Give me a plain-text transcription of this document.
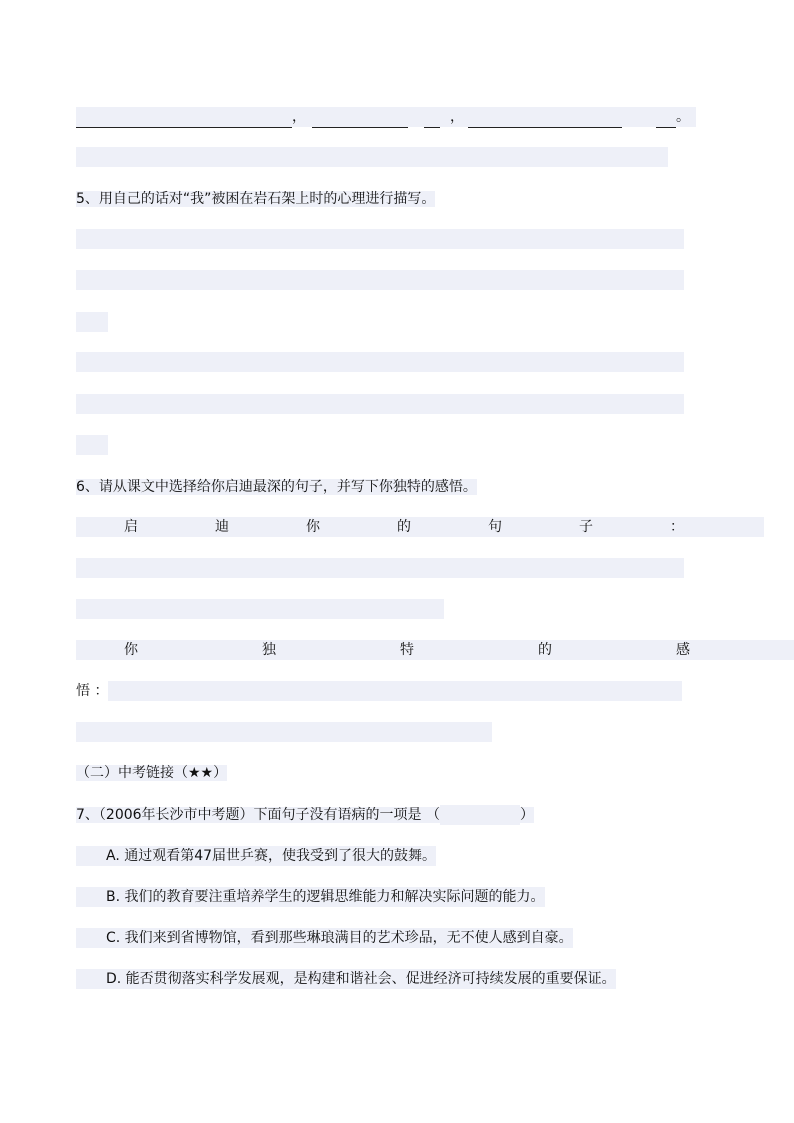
，	，	。
5、用自己的话对“我”被困在岩石架上时的心理进行描写。
6、请从课文中选择给你启迪最深的句子，并写下你独特的感悟。
启	迪	你	的	句	子	：
你	独	特	的	感
悟 ：
（二）中考链接（★★）
7、（2006年长沙市中考题）下面句子没有语病的一项是 （	）
A. 通过观看第47届世乒赛，使我受到了很大的鼓舞。
B. 我们的教育要注重培养学生的逻辑思维能力和解决实际问题的能力。
C. 我们来到省博物馆，看到那些琳琅满目的艺术珍品，无不使人感到自豪。
D. 能否贯彻落实科学发展观，是构建和谐社会、促进经济可持续发展的重要保证。
